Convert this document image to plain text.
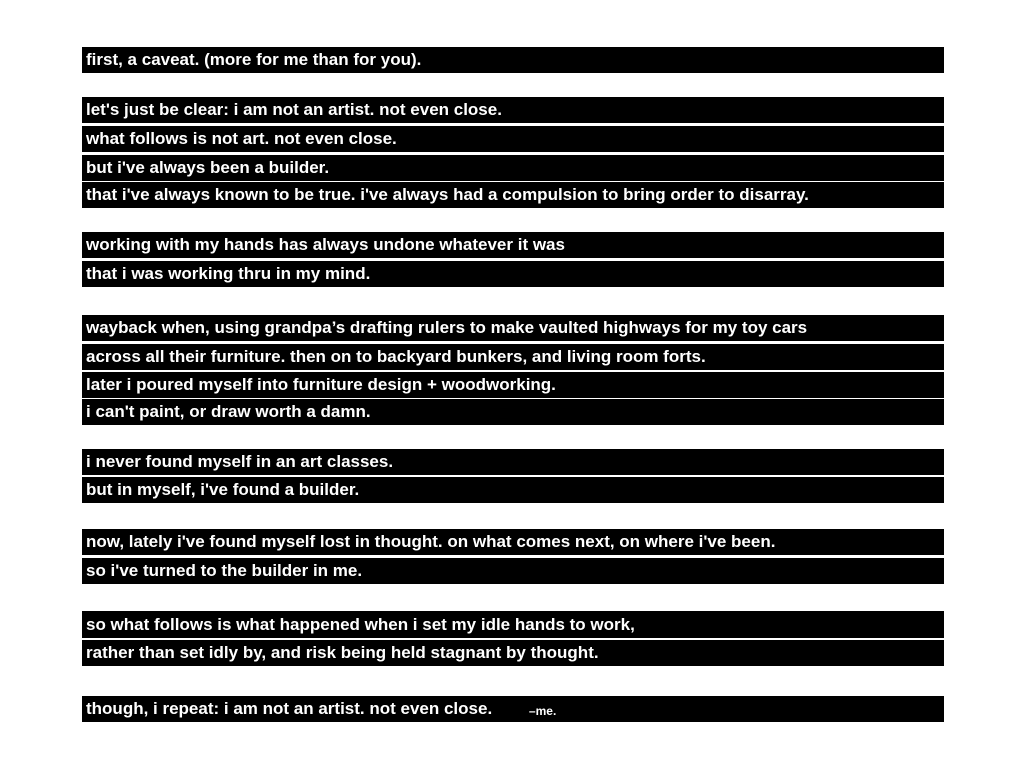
first, a caveat. (more for me than for you).
let's just be clear: i am not an artist. not even close.
what follows is not art. not even close.
but i've always been a builder.
that i've always known to be true. i've always had a compulsion to bring order to disarray.
working with my hands has always undone whatever it was
that i was working thru in my mind.
wayback when, using grandpa’s drafting rulers to make vaulted highways for my toy cars
across all their furniture. then on to backyard bunkers, and living room forts.
later i poured myself into furniture design + woodworking.
i can't paint, or draw worth a damn.
i never found myself in an art classes.
but in myself, i've found a builder.
now, lately i've found myself lost in thought. on what comes next, on where i've been.
so i've turned to the builder in me.
so what follows is what happened when i set my idle hands to work,
rather than set idly by, and risk being held stagnant by thought.
though, i repeat: i am not an artist. not even close.	–me.
